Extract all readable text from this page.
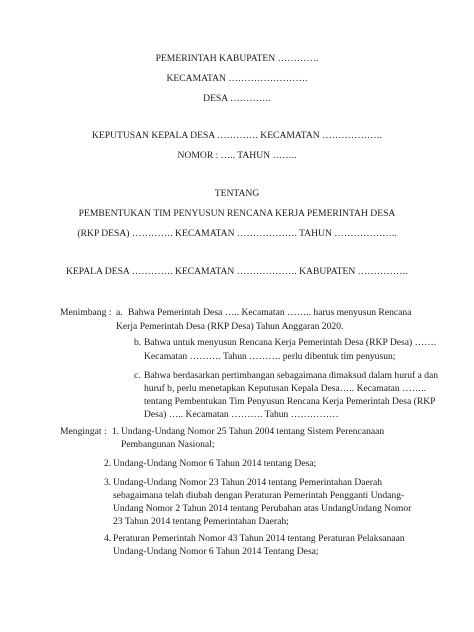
PEMERINTAH KABUPATEN ………….
KECAMATAN …………………….
DESA ………….
KEPUTUSAN KEPALA DESA …………. KECAMATAN ……………….
NOMOR : ….. TAHUN ……..
TENTANG
PEMBENTUKAN TIM PENYUSUN RENCANA KERJA PEMERINTAH DESA
(RKP DESA) …………. KECAMATAN ………………. TAHUN ………………..
KEPALA DESA …………. KECAMATAN ………………. KABUPATEN …………….
Menimbang : a. Bahwa Pemerintah Desa ….. Kecamatan …….. harus menyusun Rencana
Kerja Pemerintah Desa (RKP Desa) Tahun Anggaran 2020.
b. Bahwa untuk menyusun Rencana Kerja Pemerintah Desa (RKP Desa) …….
Kecamatan ………. Tahun ………. perlu dibentuk tim penyusun;
c. Bahwa berdasarkan pertimbangan sebagaimana dimaksud dalam huruf a dan
huruf b, perlu menetapkan Keputusan Kepala Desa….. Kecamatan ……..
tentang Pembentukan Tim Penyusun Rencana Kerja Pemerintah Desa (RKP
Desa) ….. Kecamatan ………. Tahun ……………
Mengingat : 1. Undang-Undang Nomor 25 Tahun 2004 tentang Sistem Perencanaan
Pembangunan Nasional;
2. Undang-Undang Nomor 6 Tahun 2014 tentang Desa;
3. Undang-Undang Nomor 23 Tahun 2014 tentang Pemerintahan Daerah
sebagaimana telah diubah dengan Peraturan Pemerintah Pengganti Undang-
Undang Nomor 2 Tahun 2014 tentang Perubahan atas UndangUndang Nomor
23 Tahun 2014 tentang Pemerintahan Daerah;
4. Peraturan Pemerintah Nomor 43 Tahun 2014 tentang Peraturan Pelaksanaan
Undang-Undang Nomor 6 Tahun 2014 Tentang Desa;
